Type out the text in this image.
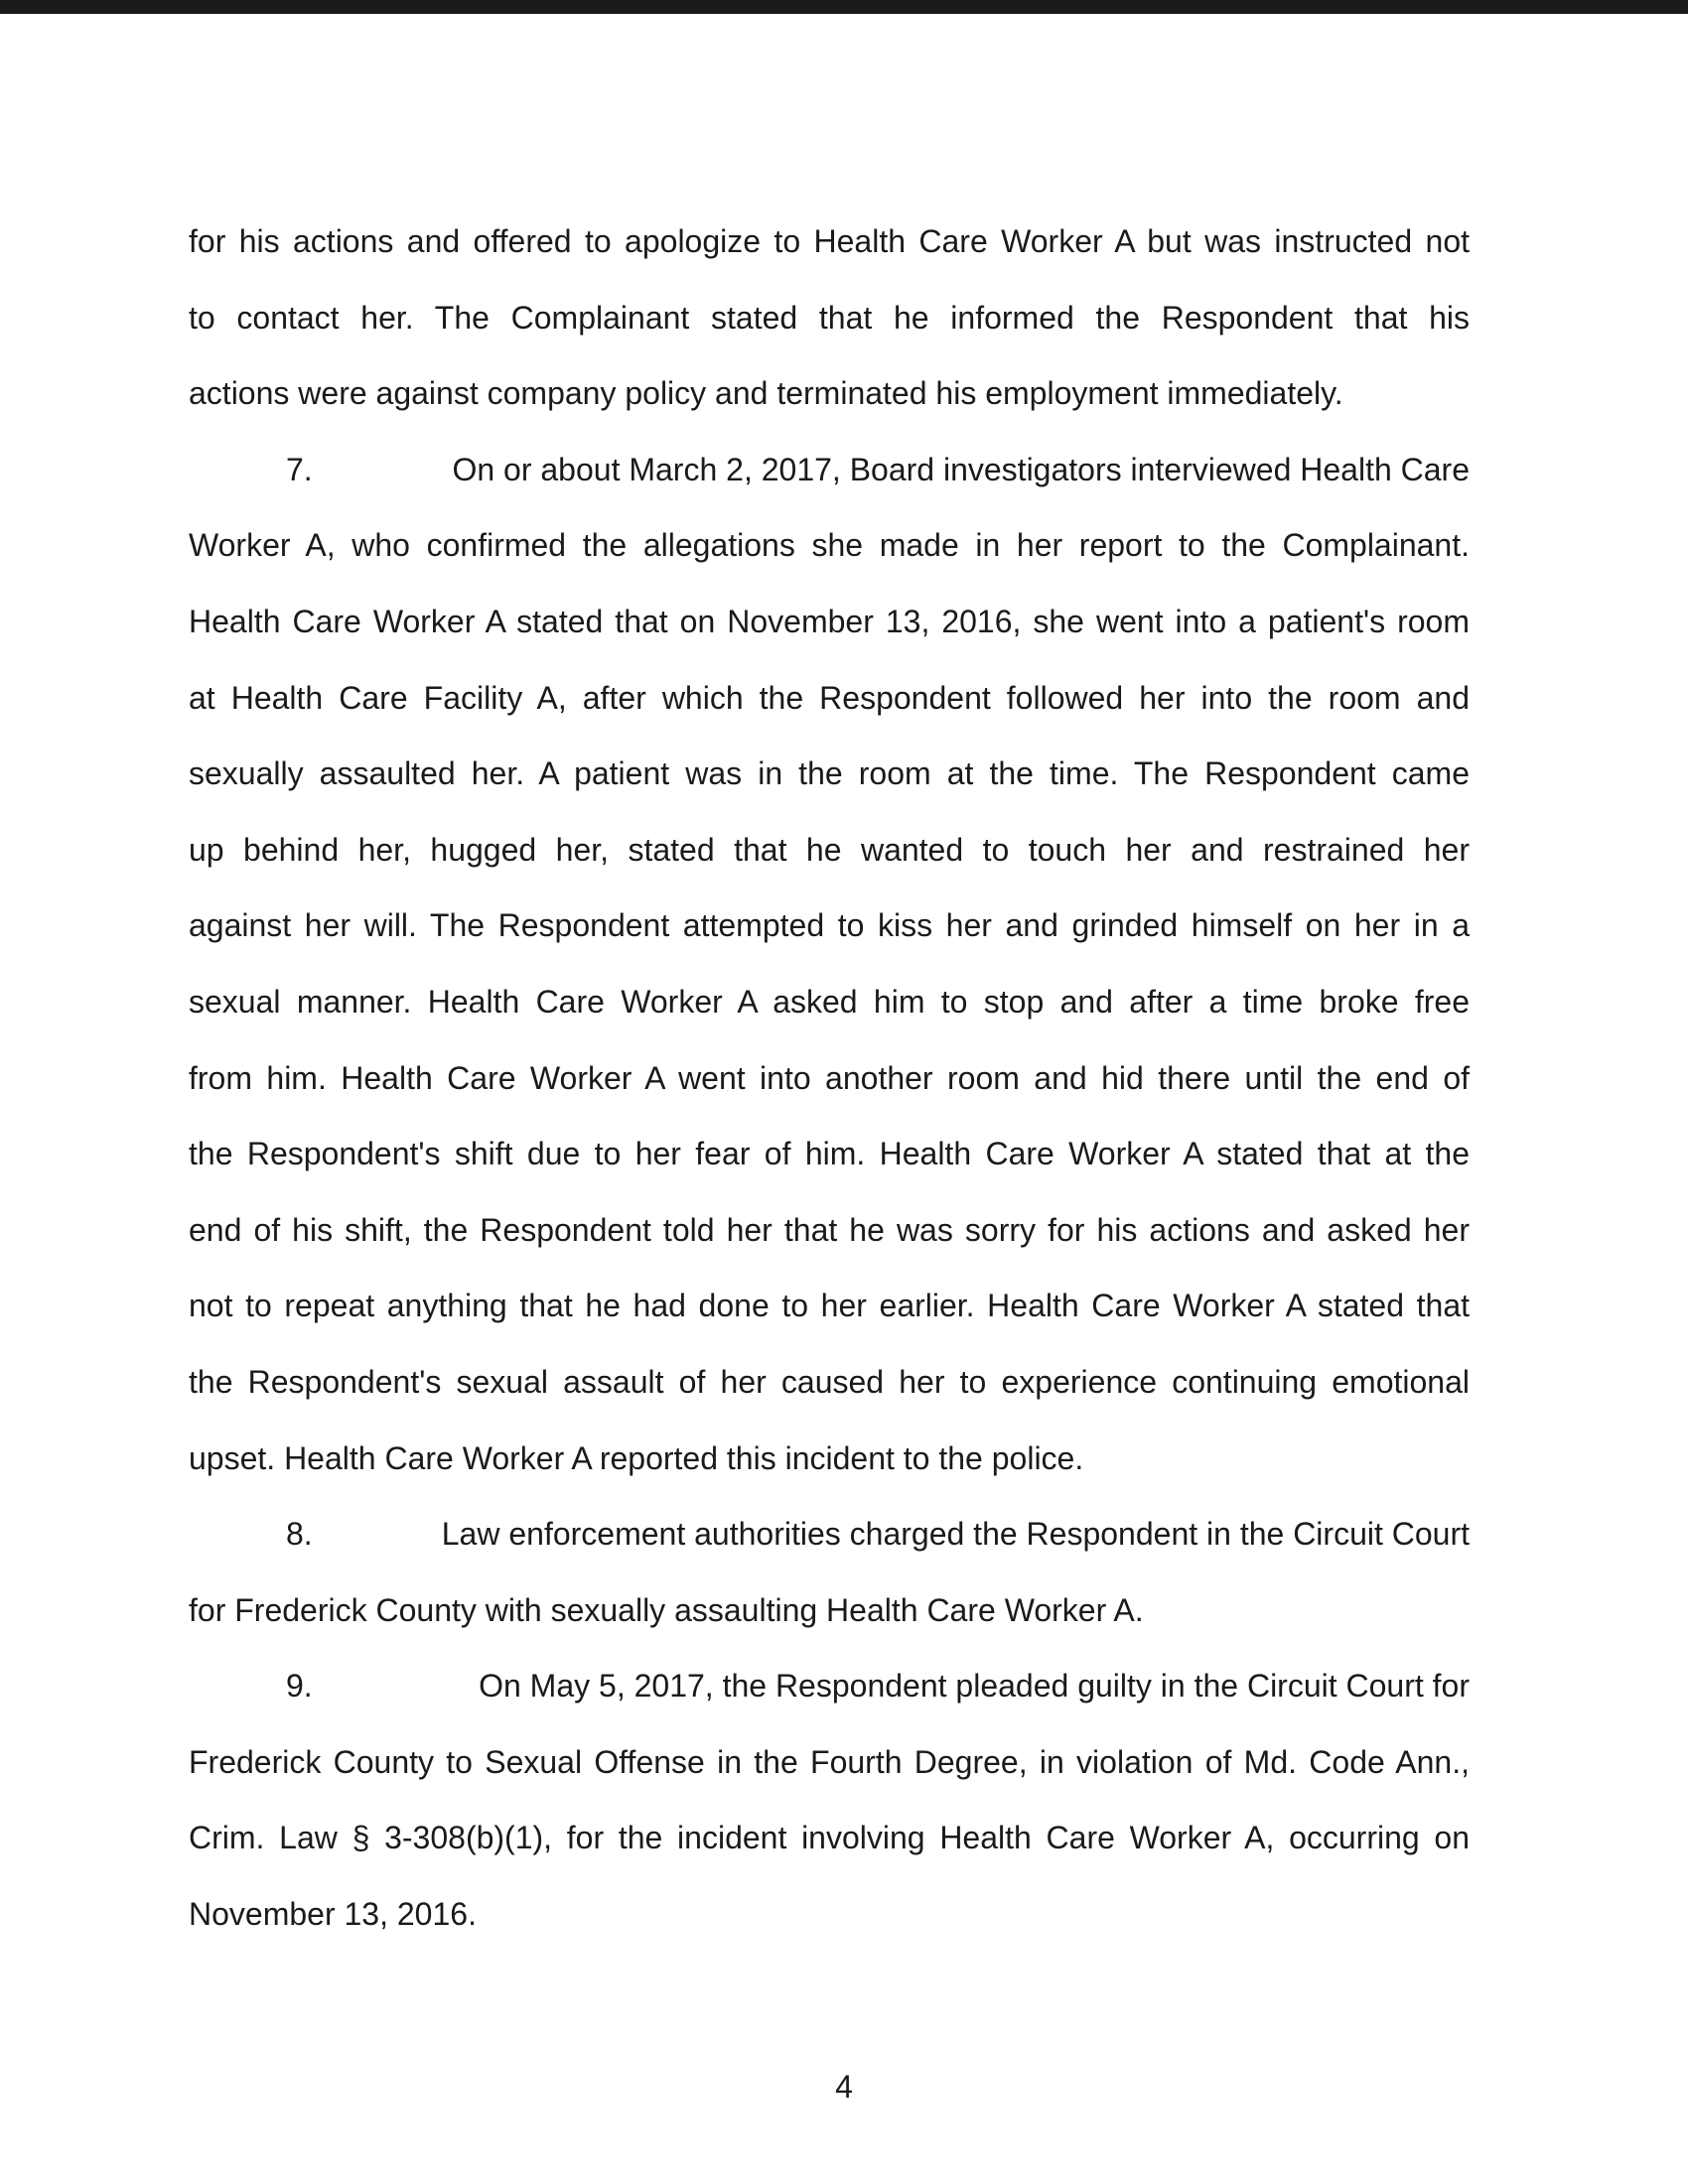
for his actions and offered to apologize to Health Care Worker A but was instructed not
to contact her. The Complainant stated that he informed the Respondent that his
actions were against company policy and terminated his employment immediately.
7.	On or about March 2, 2017, Board investigators interviewed Health Care
Worker A, who confirmed the allegations she made in her report to the Complainant.
Health Care Worker A stated that on November 13, 2016, she went into a patient's room
at Health Care Facility A, after which the Respondent followed her into the room and
sexually assaulted her. A patient was in the room at the time. The Respondent came
up behind her, hugged her, stated that he wanted to touch her and restrained her
against her will. The Respondent attempted to kiss her and grinded himself on her in a
sexual manner. Health Care Worker A asked him to stop and after a time broke free
from him. Health Care Worker A went into another room and hid there until the end of
the Respondent's shift due to her fear of him. Health Care Worker A stated that at the
end of his shift, the Respondent told her that he was sorry for his actions and asked her
not to repeat anything that he had done to her earlier. Health Care Worker A stated that
the Respondent's sexual assault of her caused her to experience continuing emotional
upset. Health Care Worker A reported this incident to the police.
8.	Law enforcement authorities charged the Respondent in the Circuit Court
for Frederick County with sexually assaulting Health Care Worker A.
9.	On May 5, 2017, the Respondent pleaded guilty in the Circuit Court for
Frederick County to Sexual Offense in the Fourth Degree, in violation of Md. Code Ann.,
Crim. Law § 3-308(b)(1), for the incident involving Health Care Worker A, occurring on
November 13, 2016.
4
